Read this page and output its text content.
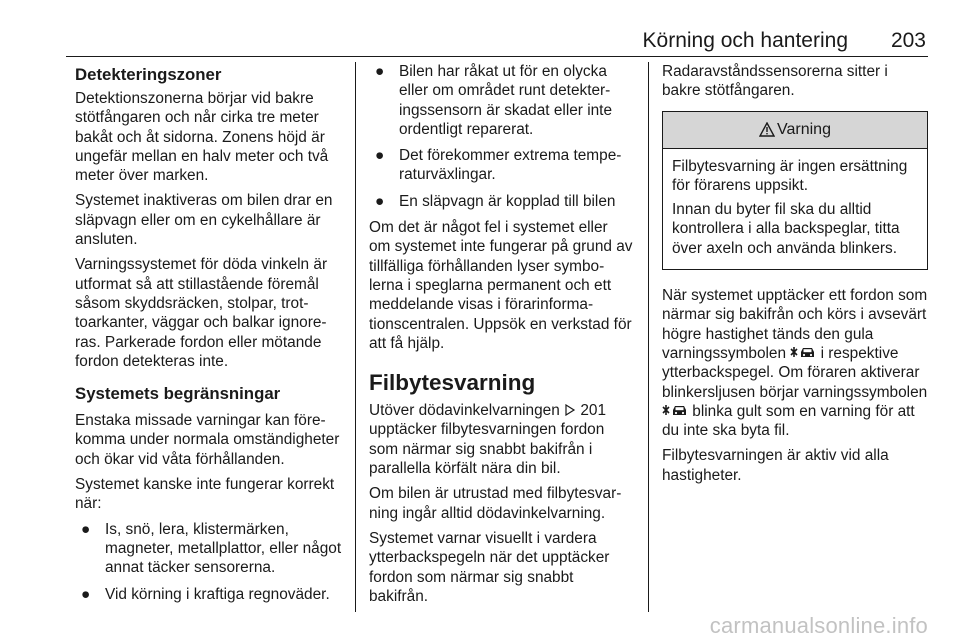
Körning och hantering 203
Detekteringszoner

Detektionszonerna börjar vid bakre stötfångaren och når cirka tre meter bakåt och åt sidorna. Zonens höjd är ungefär mellan en halv meter och två meter över marken.

Systemet inaktiveras om bilen drar en släpvagn eller om en cykelhållare är ansluten.

Varningssystemet för döda vinkeln är utformat så att stillastående föremål såsom skyddsräcken, stolpar, trottoarkanter, väggar och balkar ignoreras. Parkerade fordon eller mötande fordon detekteras inte.

Systemets begränsningar

Enstaka missade varningar kan förekomma under normala omständigheter och ökar vid våta förhållanden.

Systemet kanske inte fungerar korrekt när:

● Is, snö, lera, klistermärken, magneter, metallplattor, eller något annat täcker sensorerna.
● Vid körning i kraftiga regnoväder.
● Bilen har råkat ut för en olycka eller om området runt detekteringssensorn är skadat eller inte ordentligt reparerat.
● Det förekommer extrema temperaturväxlingar.
● En släpvagn är kopplad till bilen

Om det är något fel i systemet eller om systemet inte fungerar på grund av tillfälliga förhållanden lyser symbolerna i speglarna permanent och ett meddelande visas i förarinformationscentralen. Uppsök en verkstad för att få hjälp.

Filbytesvarning

Utöver dödavinkelvarningen 201 upptäcker filbytesvarningen fordon som närmar sig snabbt bakifrån i parallella körfält nära din bil.

Om bilen är utrustad med filbytesvarning ingår alltid dödavinkelvarning.

Systemet varnar visuellt i vardera ytterbackspegeln när det upptäcker fordon som närmar sig snabbt bakifrån.

Radaravståndssensorerna sitter i bakre stötfångaren.

Varning

Filbytesvarning är ingen ersättning för förarens uppsikt.

Innan du byter fil ska du alltid kontrollera i alla backspeglar, titta över axeln och använda blinkers.

När systemet upptäcker ett fordon som närmar sig bakifrån och körs i avsevärt högre hastighet tänds den gula varningssymbolen i respektive ytterbackspegel. Om föraren aktiverar blinkersljusen börjar varningssymbolen  blinka gult som en varning för att du inte ska byta fil.

Filbytesvarningen är aktiv vid alla hastigheter.

carmanualsonline.info
